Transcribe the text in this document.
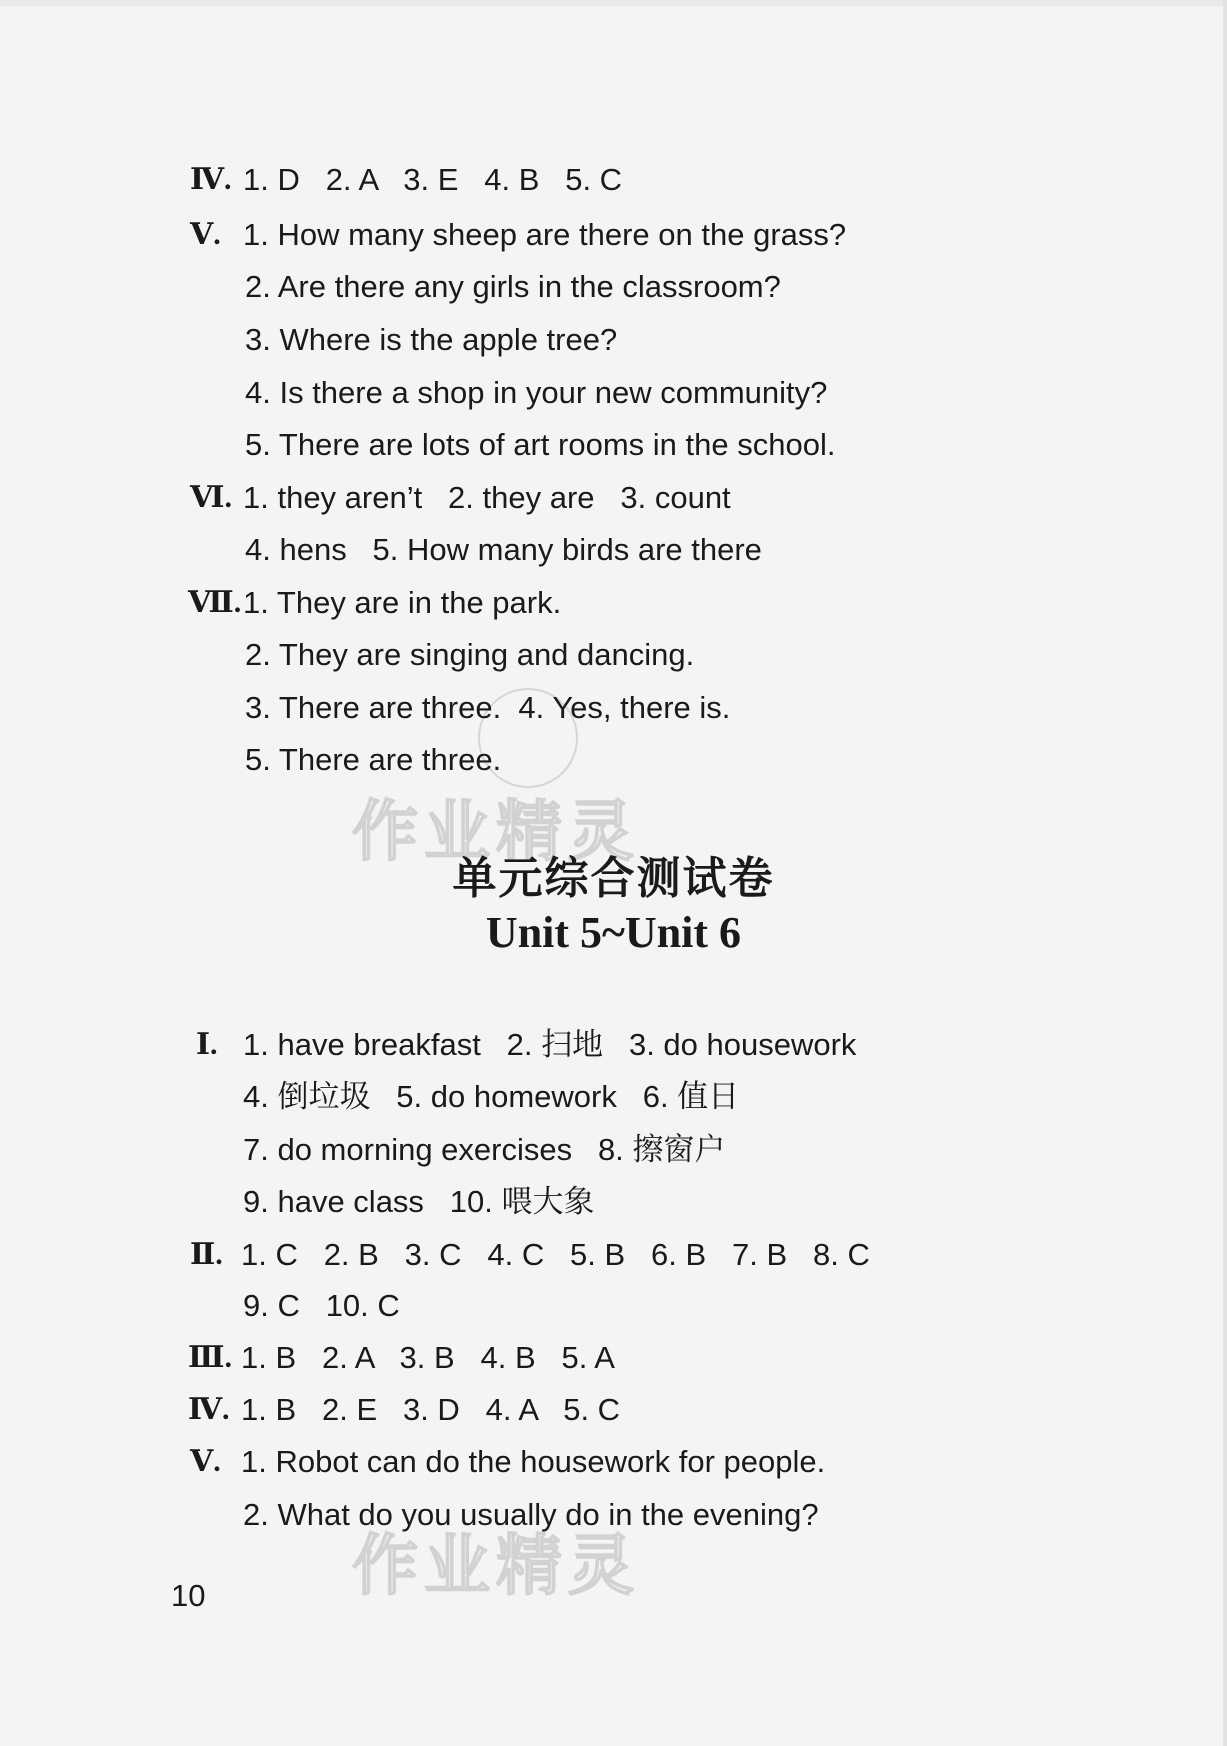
作业精灵
作业精灵
Ⅳ. 1. D   2. A   3. E   4. B   5. C
Ⅴ. 1. How many sheep are there on the grass?
2. Are there any girls in the classroom?
3. Where is the apple tree?
4. Is there a shop in your new community?
5. There are lots of art rooms in the school.
Ⅵ. 1. they aren’t   2. they are   3. count
4. hens   5. How many birds are there
Ⅶ. 1. They are in the park.
2. They are singing and dancing.
3. There are three.  4. Yes, there is.
5. There are three.
单元综合测试卷
Unit 5~Unit 6
Ⅰ. 1. have breakfast   2. 扫地   3. do housework
4. 倒垃圾   5. do homework   6. 值日
7. do morning exercises   8. 擦窗户
9. have class   10. 喂大象
Ⅱ. 1. C   2. B   3. C   4. C   5. B   6. B   7. B   8. C
9. C   10. C
Ⅲ. 1. B   2. A   3. B   4. B   5. A
Ⅳ. 1. B   2. E   3. D   4. A   5. C
Ⅴ. 1. Robot can do the housework for people.
2. What do you usually do in the evening?
10
